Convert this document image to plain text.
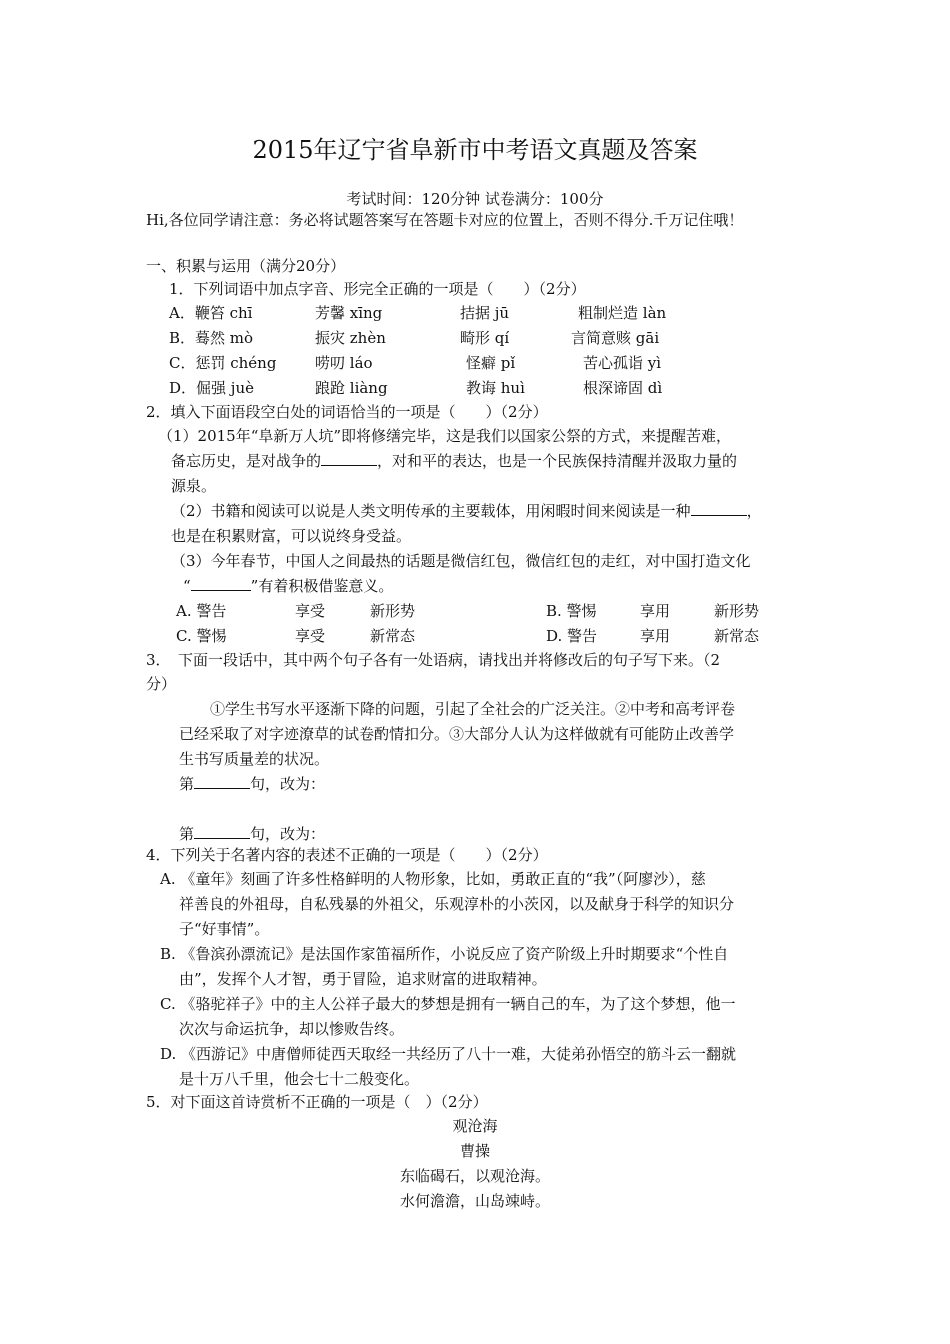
2015年辽宁省阜新市中考语文真题及答案
考试时间：120分钟 试卷满分：100分
Hi,各位同学请注意：务必将试题答案写在答题卡对应的位置上，否则不得分.千万记住哦！
一、积累与运用（满分20分）
1．下列词语中加点字音、形完全正确的一项是（　　）（2分）
A．鞭笞 chī	芳馨 xīng	拮据 jū	粗制烂造 làn
B．蓦然 mò	振灾 zhèn	畸形 qí	言简意赅 gāi
C．惩罚 chéng	唠叨 láo	怪癖 pǐ	苦心孤诣 yì
D．倔强 juè	踉跄 liàng	教诲 huì	根深谛固 dì
2．填入下面语段空白处的词语恰当的一项是（　　）（2分）
（1）2015年“阜新万人坑”即将修缮完毕，这是我们以国家公祭的方式，来提醒苦难，
备忘历史，是对战争的	，对和平的表达，也是一个民族保持清醒并汲取力量的
源泉。
（2）书籍和阅读可以说是人类文明传承的主要载体，用闲暇时间来阅读是一种	，
也是在积累财富，可以说终身受益。
（3）今年春节，中国人之间最热的话题是微信红包，微信红包的走红，对中国打造文化
“	”有着积极借鉴意义。
A. 警告	享受	新形势	B. 警惕	享用	新形势
C. 警惕	享受	新常态	D. 警告	享用	新常态
3．　下面一段话中，其中两个句子各有一处语病，请找出并将修改后的句子写下来。（2
分）
①学生书写水平逐渐下降的问题，引起了全社会的广泛关注。②中考和高考评卷
已经采取了对字迹潦草的试卷酌情扣分。③大部分人认为这样做就有可能防止改善学
生书写质量差的状况。
第	句，改为：
第	句，改为：
4．下列关于名著内容的表述不正确的一项是（　　）（2分）
A. 《童年》刻画了许多性格鲜明的人物形象，比如，勇敢正直的“我”（阿廖沙），慈
祥善良的外祖母，自私残暴的外祖父，乐观淳朴的小茨冈，以及献身于科学的知识分
子“好事情”。
B. 《鲁滨孙漂流记》是法国作家笛福所作，小说反应了资产阶级上升时期要求“个性自
由”，发挥个人才智，勇于冒险，追求财富的进取精神。
C. 《骆驼祥子》中的主人公祥子最大的梦想是拥有一辆自己的车，为了这个梦想，他一
次次与命运抗争，却以惨败告终。
D. 《西游记》中唐僧师徒西天取经一共经历了八十一难，大徒弟孙悟空的筋斗云一翻就
是十万八千里，他会七十二般变化。
5．对下面这首诗赏析不正确的一项是（　）（2分）
观沧海
曹操
东临碣石，以观沧海。
水何澹澹，山岛竦峙。
